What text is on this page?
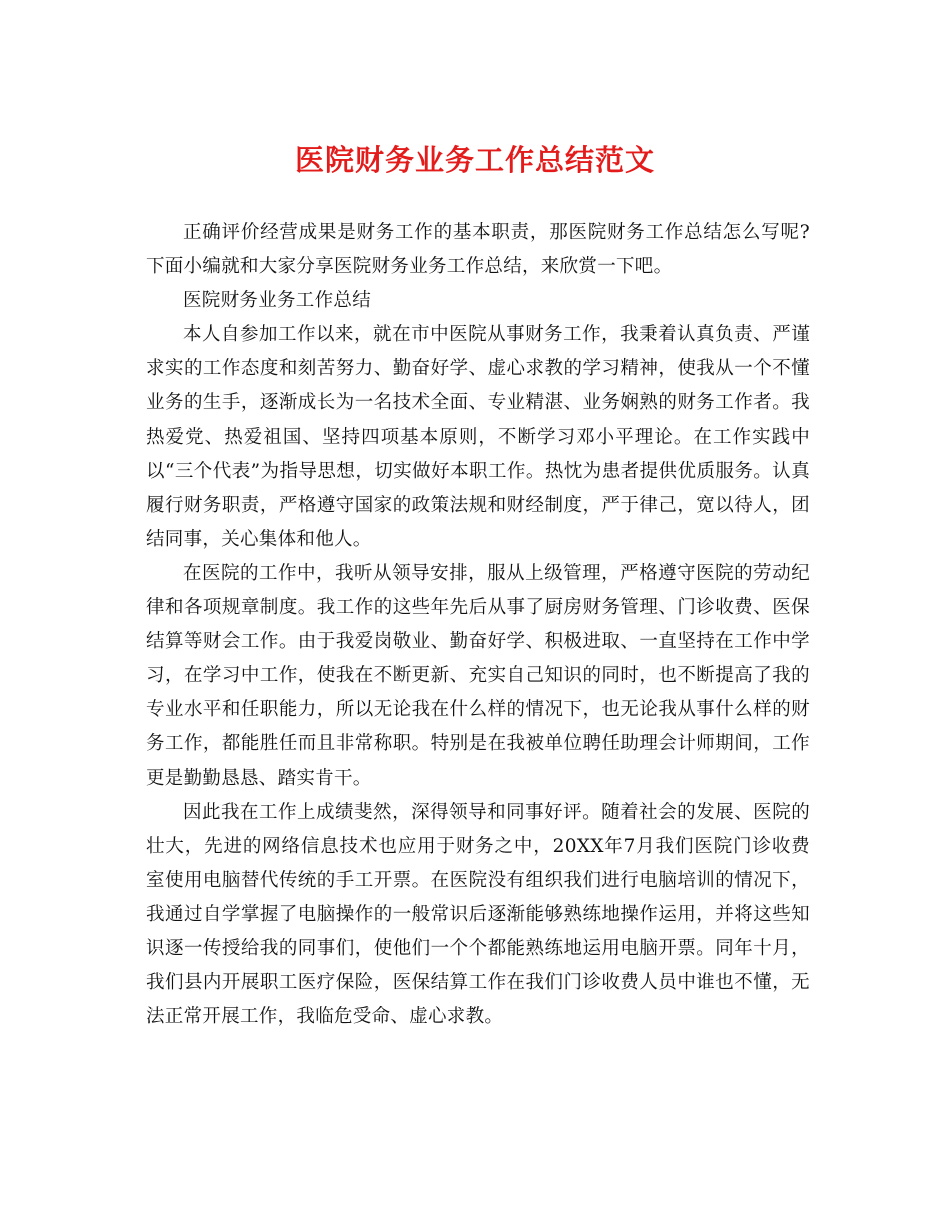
医院财务业务工作总结范文

正确评价经营成果是财务工作的基本职责，那医院财务工作总结怎么写呢?下面小编就和大家分享医院财务业务工作总结，来欣赏一下吧。

医院财务业务工作总结

本人自参加工作以来，就在市中医院从事财务工作，我秉着认真负责、严谨求实的工作态度和刻苦努力、勤奋好学、虚心求教的学习精神，使我从一个不懂业务的生手，逐渐成长为一名技术全面、专业精湛、业务娴熟的财务工作者。我热爱党、热爱祖国、坚持四项基本原则，不断学习邓小平理论。在工作实践中以“三个代表”为指导思想，切实做好本职工作。热忱为患者提供优质服务。认真履行财务职责，严格遵守国家的政策法规和财经制度，严于律己，宽以待人，团结同事，关心集体和他人。

在医院的工作中，我听从领导安排，服从上级管理，严格遵守医院的劳动纪律和各项规章制度。我工作的这些年先后从事了厨房财务管理、门诊收费、医保结算等财会工作。由于我爱岗敬业、勤奋好学、积极进取、一直坚持在工作中学习，在学习中工作，使我在不断更新、充实自己知识的同时，也不断提高了我的专业水平和任职能力，所以无论我在什么样的情况下，也无论我从事什么样的财务工作，都能胜任而且非常称职。特别是在我被单位聘任助理会计师期间，工作更是勤勤恳恳、踏实肯干。

因此我在工作上成绩斐然，深得领导和同事好评。随着社会的发展、医院的壮大，先进的网络信息技术也应用于财务之中，20XX年7月我们医院门诊收费室使用电脑替代传统的手工开票。在医院没有组织我们进行电脑培训的情况下，我通过自学掌握了电脑操作的一般常识后逐渐能够熟练地操作运用，并将这些知识逐一传授给我的同事们，使他们一个个都能熟练地运用电脑开票。同年十月，我们县内开展职工医疗保险，医保结算工作在我们门诊收费人员中谁也不懂，无法正常开展工作，我临危受命、虚心求教。
